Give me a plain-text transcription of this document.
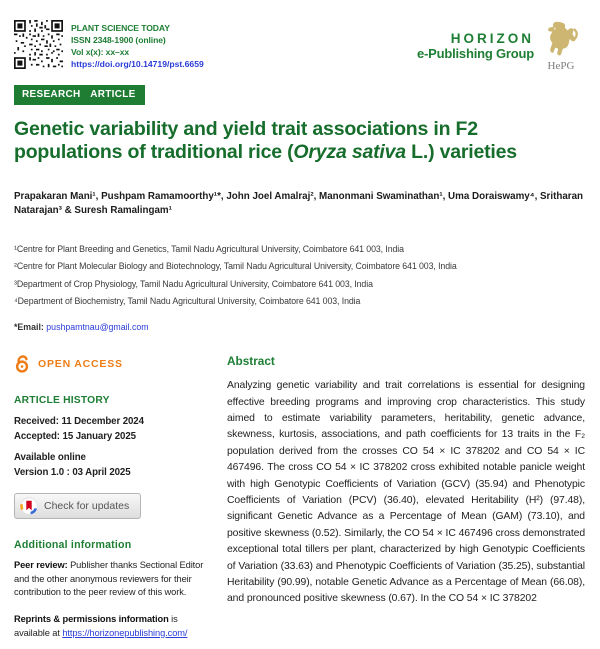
PLANT SCIENCE TODAY
ISSN 2348-1900 (online)
Vol x(x): xx–xx
https://doi.org/10.14719/pst.6659
HORIZON
e-Publishing Group
HePG
RESEARCH ARTICLE
Genetic variability and yield trait associations in F2 populations of traditional rice (Oryza sativa L.) varieties

Prapakaran Mani¹, Pushpam Ramamoorthy¹*, John Joel Amalraj², Manonmani Swaminathan¹, Uma Doraiswamy⁴, Sritharan Natarajan³ & Suresh Ramalingam¹

¹Centre for Plant Breeding and Genetics, Tamil Nadu Agricultural University, Coimbatore 641 003, India
²Centre for Plant Molecular Biology and Biotechnology, Tamil Nadu Agricultural University, Coimbatore 641 003, India
³Department of Crop Physiology, Tamil Nadu Agricultural University, Coimbatore 641 003, India
⁴Department of Biochemistry, Tamil Nadu Agricultural University, Coimbatore 641 003, India
*Email: pushpamtnau@gmail.com
OPEN ACCESS
ARTICLE HISTORY
Received: 11 December 2024
Accepted: 15 January 2025
Available online
Version 1.0 : 03 April 2025
Check for updates
Additional information

Peer review: Publisher thanks Sectional Editor and the other anonymous reviewers for their contribution to the peer review of this work.

Reprints & permissions information is available at https://horizonepublishing.com/

Abstract

Analyzing genetic variability and trait correlations is essential for designing effective breeding programs and improving crop characteristics. This study aimed to estimate variability parameters, heritability, genetic advance, skewness, kurtosis, associations, and path coefficients for 13 traits in the F₂ population derived from the crosses CO 54 × IC 378202 and CO 54 × IC 467496. The cross CO 54 × IC 378202 cross exhibited notable panicle weight with high Genotypic Coefficients of Variation (GCV) (35.94) and Phenotypic Coefficients of Variation (PCV) (36.40), elevated Heritability (H²) (97.48), significant Genetic Advance as a Percentage of Mean (GAM) (73.10), and positive skewness (0.52). Similarly, the CO 54 × IC 467496 cross demonstrated exceptional total tillers per plant, characterized by high Genotypic Coefficients of Variation (33.63) and Phenotypic Coefficients of Variation (35.25), substantial Heritability (90.99), notable Genetic Advance as a Percentage of Mean (66.08), and pronounced positive skewness (0.67). In the CO 54 × IC 378202
